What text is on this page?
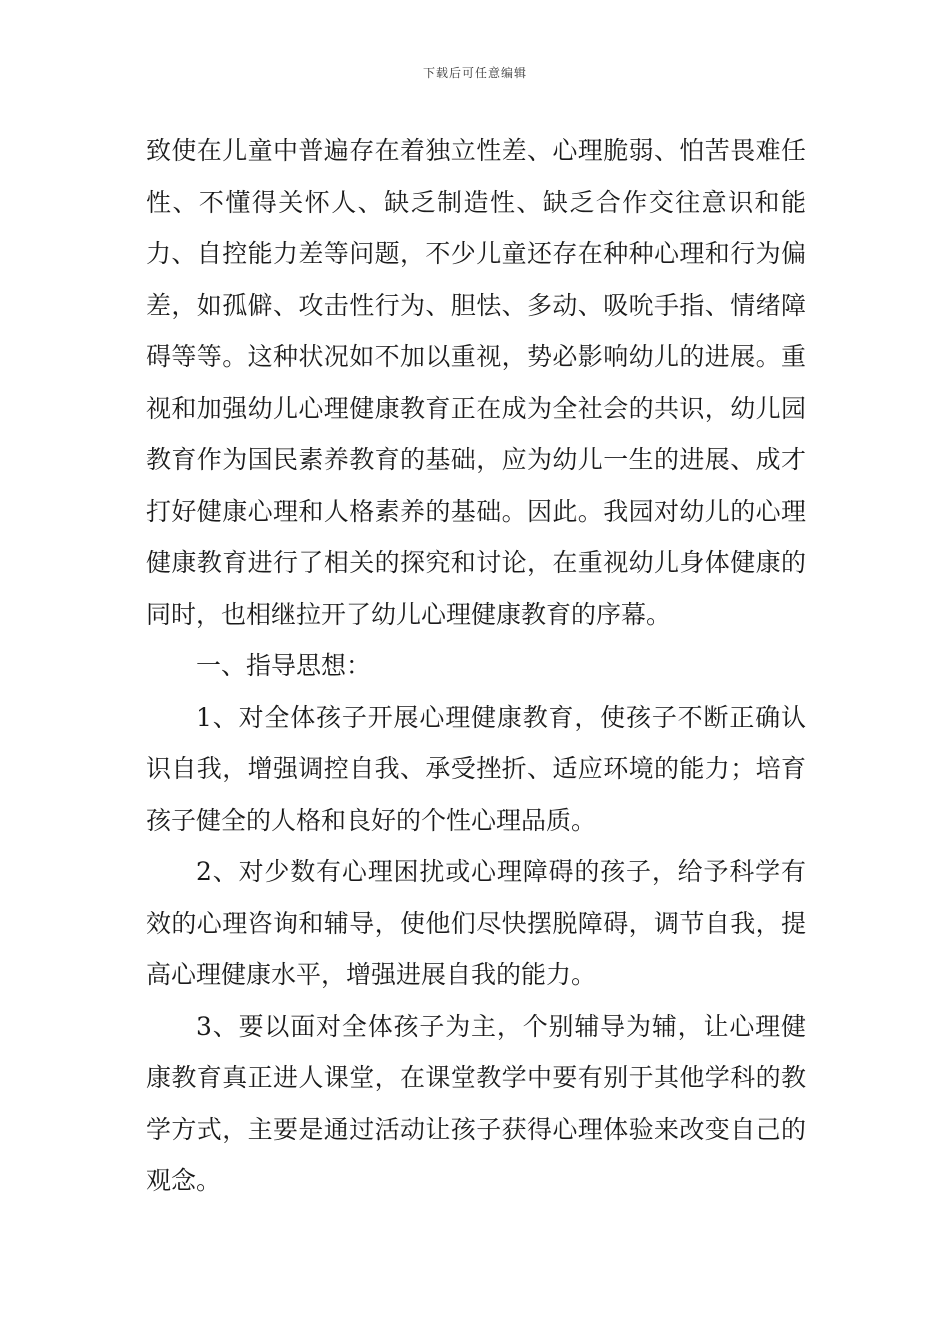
下载后可任意编辑

致使在儿童中普遍存在着独立性差、心理脆弱、怕苦畏难任性、不懂得关怀人、缺乏制造性、缺乏合作交往意识和能力、自控能力差等问题，不少儿童还存在种种心理和行为偏差，如孤僻、攻击性行为、胆怯、多动、吸吮手指、情绪障碍等等。这种状况如不加以重视，势必影响幼儿的进展。重视和加强幼儿心理健康教育正在成为全社会的共识，幼儿园教育作为国民素养教育的基础，应为幼儿一生的进展、成才打好健康心理和人格素养的基础。因此。我园对幼儿的心理健康教育进行了相关的探究和讨论，在重视幼儿身体健康的同时，也相继拉开了幼儿心理健康教育的序幕。

一、指导思想：

1、对全体孩子开展心理健康教育，使孩子不断正确认识自我，增强调控自我、承受挫折、适应环境的能力；培育孩子健全的人格和良好的个性心理品质。

2、对少数有心理困扰或心理障碍的孩子，给予科学有效的心理咨询和辅导，使他们尽快摆脱障碍，调节自我，提高心理健康水平，增强进展自我的能力。

3、要以面对全体孩子为主，个别辅导为辅，让心理健康教育真正进人课堂，在课堂教学中要有别于其他学科的教学方式，主要是通过活动让孩子获得心理体验来改变自己的观念。
